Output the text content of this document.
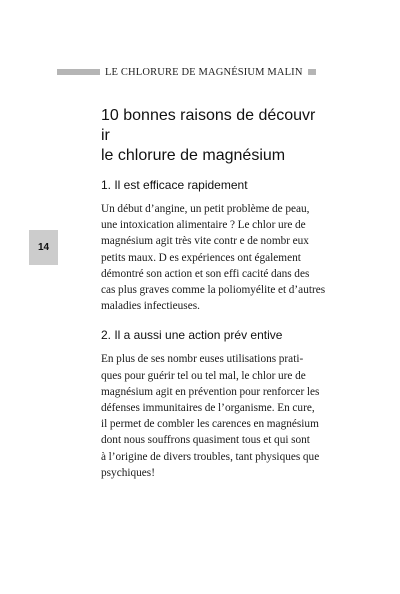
LE CHLORURE DE MAGNÉSIUM MALIN
14
10 bonnes raisons de découvr ir
le chlorure de magnésium
1. Il est efficace rapidement

Un début d’angine, un petit problème de peau,
une intoxication alimentaire ? Le chlor ure de
magnésium agit très vite contr e de nombr eux
petits maux. D es expériences ont également
démontré son action et son effi cacité dans des
cas plus graves comme la poliomyélite et d’autres
maladies infectieuses.

2. Il a aussi une action prév entive

En plus de ses nombr euses utilisations prati-
ques pour guérir tel ou tel mal, le chlor ure de
magnésium agit en prévention pour renforcer les
défenses immunitaires de l’organisme. En cure,
il permet de combler les carences en magnésium
dont nous souffrons quasiment tous et qui sont
à l’origine de divers troubles, tant physiques que
psychiques!
